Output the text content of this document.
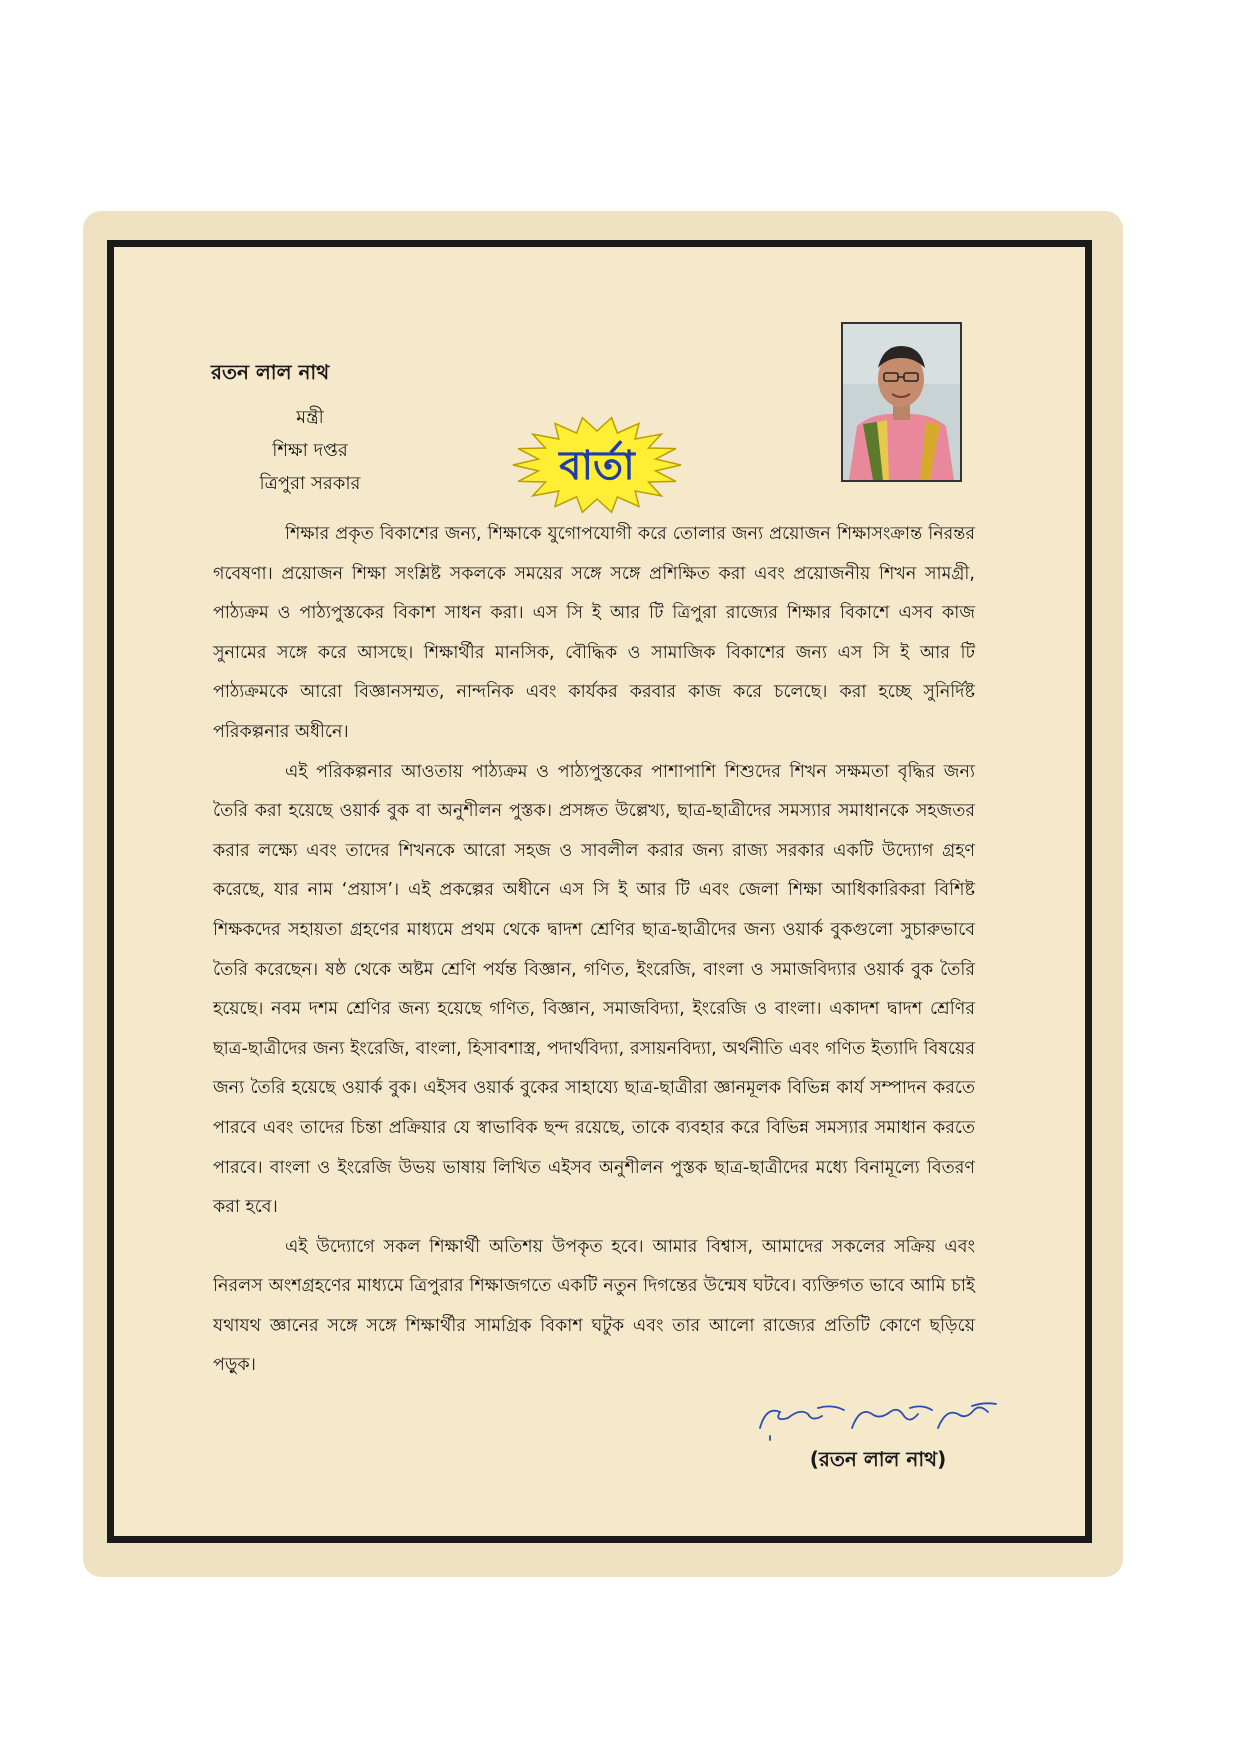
রতন লাল নাথ
মন্ত্রী
শিক্ষা দপ্তর
ত্রিপুরা সরকার	বার্তা

শিক্ষার প্রকৃত বিকাশের জন্য, শিক্ষাকে যুগোপযোগী করে তোলার জন্য প্রয়োজন শিক্ষাসংক্রান্ত নিরন্তর গবেষণা। প্রয়োজন শিক্ষা সংশ্লিষ্ট সকলকে সময়ের সঙ্গে সঙ্গে প্রশিক্ষিত করা এবং প্রয়োজনীয় শিখন সামগ্রী, পাঠ্যক্রম ও পাঠ্যপুস্তকের বিকাশ সাধন করা। এস সি ই আর টি ত্রিপুরা রাজ্যের শিক্ষার বিকাশে এসব কাজ সুনামের সঙ্গে করে আসছে। শিক্ষার্থীর মানসিক, বৌদ্ধিক ও সামাজিক বিকাশের জন্য এস সি ই আর টি পাঠ্যক্রমকে আরো বিজ্ঞানসম্মত, নান্দনিক এবং কার্যকর করবার কাজ করে চলেছে। করা হচ্ছে সুনির্দিষ্ট পরিকল্পনার অধীনে।

এই পরিকল্পনার আওতায় পাঠ্যক্রম ও পাঠ্যপুস্তকের পাশাপাশি শিশুদের শিখন সক্ষমতা বৃদ্ধির জন্য তৈরি করা হয়েছে ওয়ার্ক বুক বা অনুশীলন পুস্তক। প্রসঙ্গত উল্লেখ্য, ছাত্র-ছাত্রীদের সমস্যার সমাধানকে সহজতর করার লক্ষ্যে এবং তাদের শিখনকে আরো সহজ ও সাবলীল করার জন্য রাজ্য সরকার একটি উদ্যোগ গ্রহণ করেছে, যার নাম ‘প্রয়াস’। এই প্রকল্পের অধীনে এস সি ই আর টি এবং জেলা শিক্ষা আধিকারিকরা বিশিষ্ট শিক্ষকদের সহায়তা গ্রহণের মাধ্যমে প্রথম থেকে দ্বাদশ শ্রেণির ছাত্র-ছাত্রীদের জন্য ওয়ার্ক বুকগুলো সুচারুভাবে তৈরি করেছেন। ষষ্ঠ থেকে অষ্টম শ্রেণি পর্যন্ত বিজ্ঞান, গণিত, ইংরেজি, বাংলা ও সমাজবিদ্যার ওয়ার্ক বুক তৈরি হয়েছে। নবম দশম শ্রেণির জন্য হয়েছে গণিত, বিজ্ঞান, সমাজবিদ্যা, ইংরেজি ও বাংলা। একাদশ দ্বাদশ শ্রেণির ছাত্র-ছাত্রীদের জন্য ইংরেজি, বাংলা, হিসাবশাস্ত্র, পদার্থবিদ্যা, রসায়নবিদ্যা, অর্থনীতি এবং গণিত ইত্যাদি বিষয়ের জন্য তৈরি হয়েছে ওয়ার্ক বুক। এইসব ওয়ার্ক বুকের সাহায্যে ছাত্র-ছাত্রীরা জ্ঞানমূলক বিভিন্ন কার্য সম্পাদন করতে পারবে এবং তাদের চিন্তা প্রক্রিয়ার যে স্বাভাবিক ছন্দ রয়েছে, তাকে ব্যবহার করে বিভিন্ন সমস্যার সমাধান করতে পারবে। বাংলা ও ইংরেজি উভয় ভাষায় লিখিত এইসব অনুশীলন পুস্তক ছাত্র-ছাত্রীদের মধ্যে বিনামূল্যে বিতরণ করা হবে।

এই উদ্যোগে সকল শিক্ষার্থী অতিশয় উপকৃত হবে। আমার বিশ্বাস, আমাদের সকলের সক্রিয় এবং নিরলস অংশগ্রহণের মাধ্যমে ত্রিপুরার শিক্ষাজগতে একটি নতুন দিগন্তের উন্মেষ ঘটবে। ব্যক্তিগত ভাবে আমি চাই যথাযথ জ্ঞানের সঙ্গে সঙ্গে শিক্ষার্থীর সামগ্রিক বিকাশ ঘটুক এবং তার আলো রাজ্যের প্রতিটি কোণে ছড়িয়ে পড়ুক।

(রতন লাল নাথ)
